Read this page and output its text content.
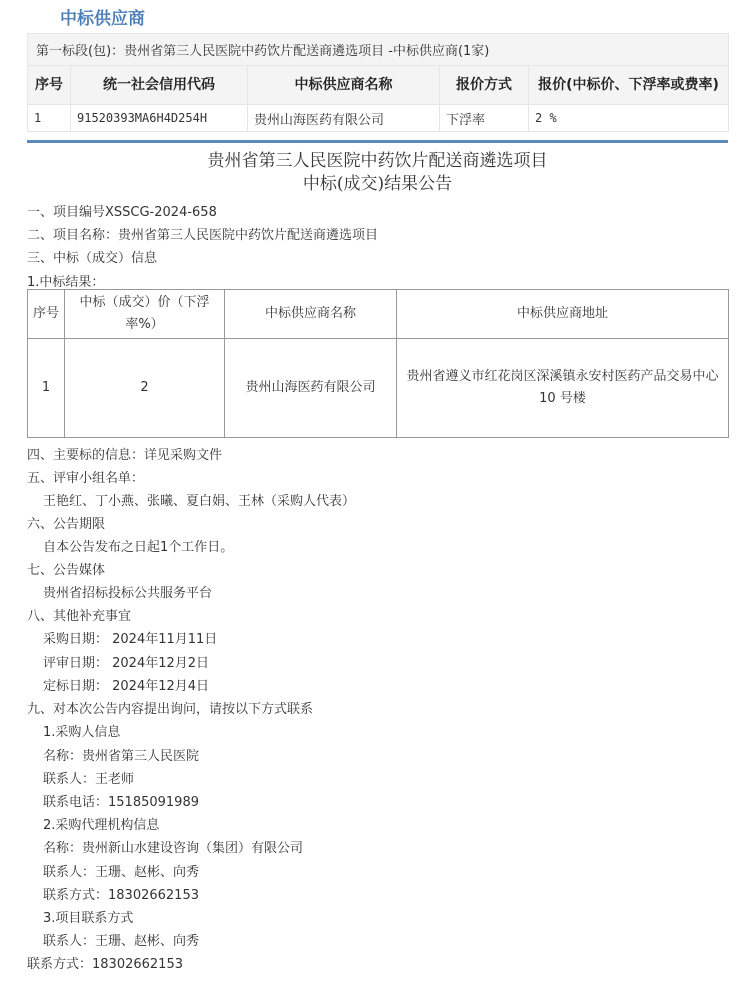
中标供应商
第一标段(包)：贵州省第三人民医院中药饮片配送商遴选项目 -中标供应商(1家)				
序号	统一社会信用代码	中标供应商名称	报价方式	报价(中标价、下浮率或费率)
1	91520393MA6H4D254H	贵州山海医药有限公司	下浮率	2 %
贵州省第三人民医院中药饮片配送商遴选项目
中标(成交)结果公告
一、项目编号XSSCG-2024-658
二、项目名称：贵州省第三人民医院中药饮片配送商遴选项目
三、中标（成交）信息
1.中标结果：
序号	中标（成交）价（下浮率%）	中标供应商名称	中标供应商地址
1	2	贵州山海医药有限公司	贵州省遵义市红花岗区深溪镇永安村医药产品交易中心10 号楼
四、主要标的信息：详见采购文件
五、评审小组名单：
王艳红、丁小燕、张曦、夏白娟、王林（采购人代表）
六、公告期限
自本公告发布之日起1个工作日。
七、公告媒体
贵州省招标投标公共服务平台
八、其他补充事宜
采购日期： 2024年11月11日
评审日期： 2024年12月2日
定标日期： 2024年12月4日
九、对本次公告内容提出询问，请按以下方式联系
1.采购人信息
名称：贵州省第三人民医院
联系人：王老师
联系电话：15185091989
2.采购代理机构信息
名称：贵州新山水建设咨询（集团）有限公司
联系人：王珊、赵彬、向秀
联系方式：18302662153
3.项目联系方式
联系人：王珊、赵彬、向秀
联系方式：18302662153
